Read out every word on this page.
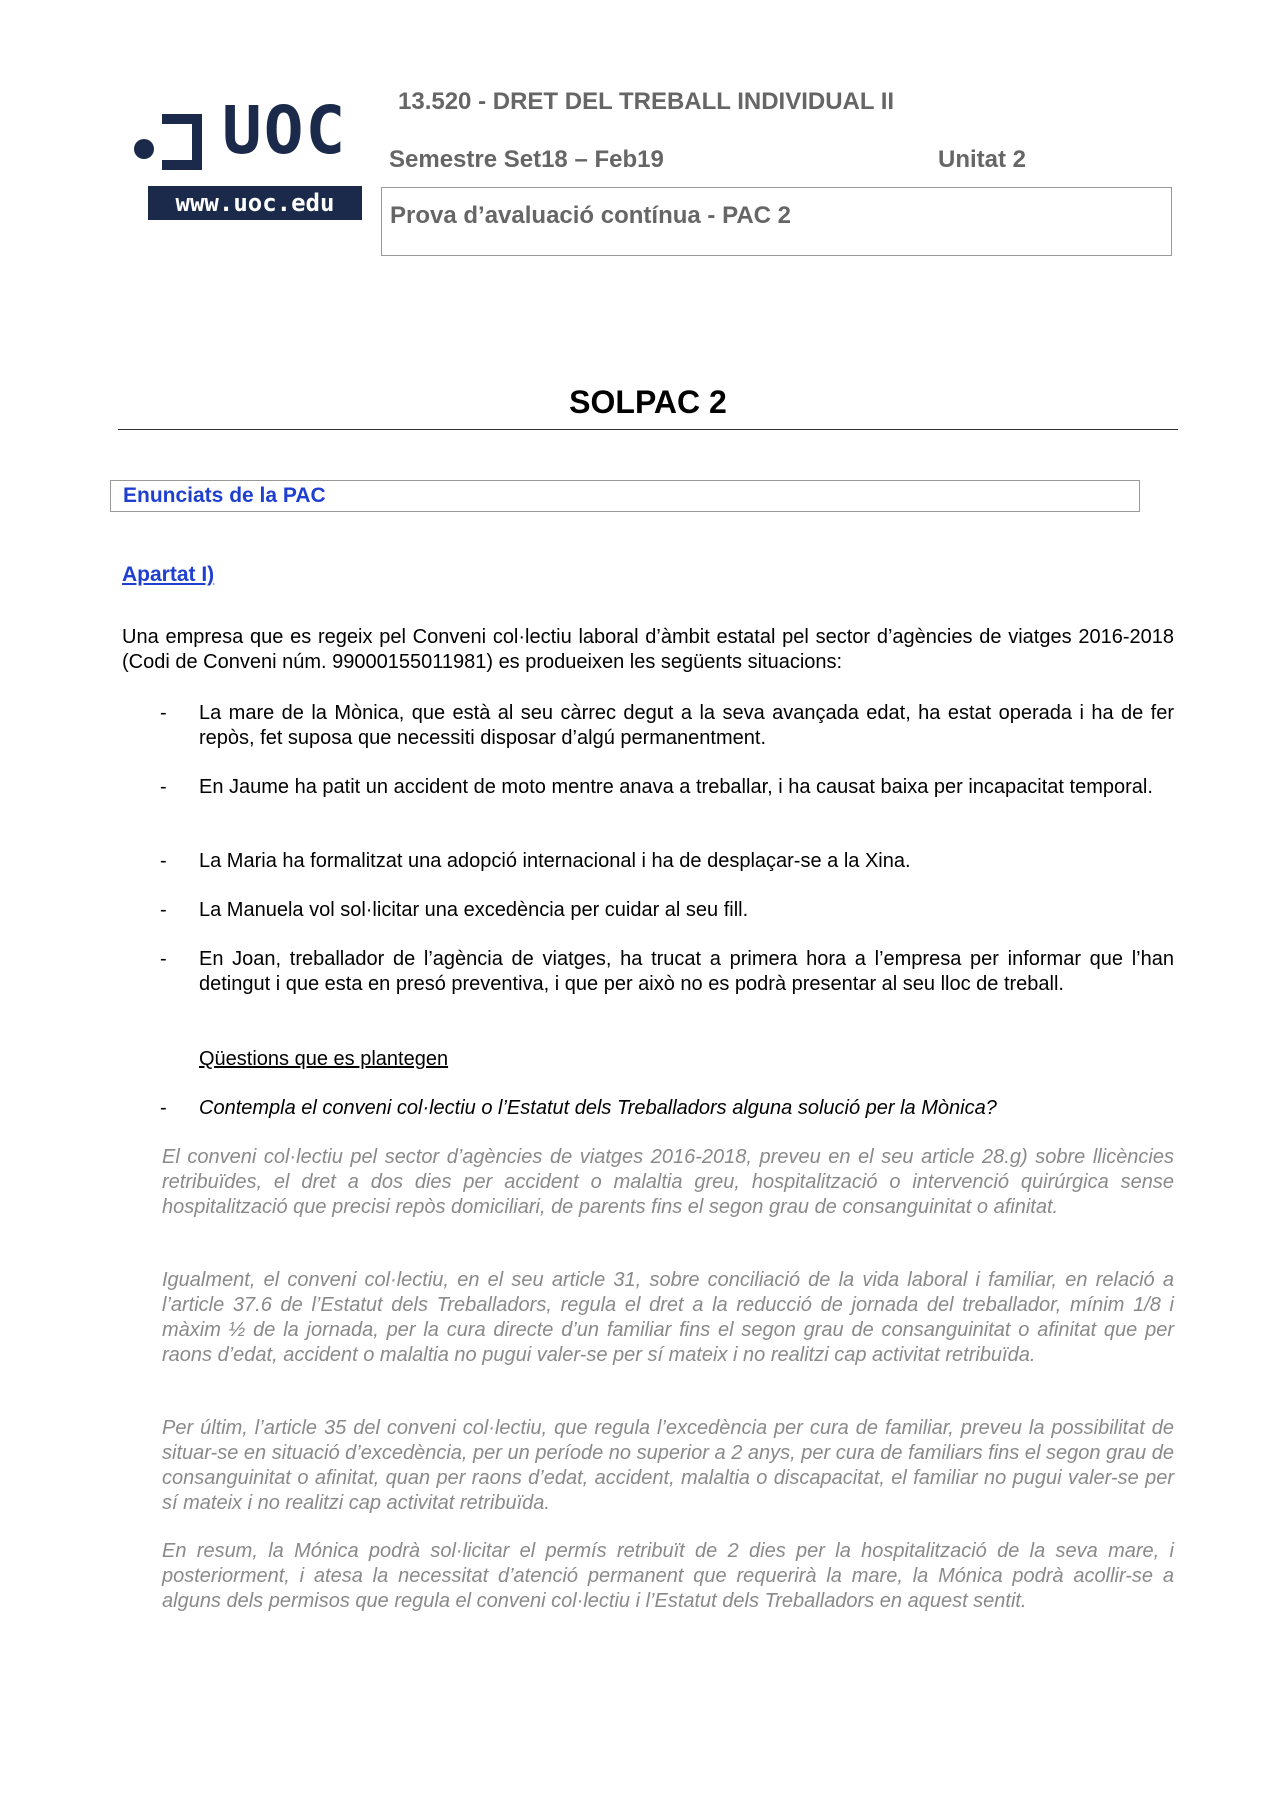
UOC
www.uoc.edu
13.520 - DRET DEL TREBALL INDIVIDUAL II
Semestre Set18 – Feb19	Unitat 2
Prova d’avaluació contínua - PAC 2
SOLPAC 2
Enunciats de la PAC
Apartat I)

Una empresa que es regeix pel Conveni col·lectiu laboral d’àmbit estatal pel sector d’agències de viatges 2016-2018 (Codi de Conveni núm. 99000155011981) es produeixen les següents situacions:

- La mare de la Mònica, que està al seu càrrec degut a la seva avançada edat, ha estat operada i ha de fer repòs, fet suposa que necessiti disposar d’algú permanentment.

- En Jaume ha patit un accident de moto mentre anava a treballar, i ha causat baixa per incapacitat temporal.

- La Maria ha formalitzat una adopció internacional i ha de desplaçar-se a la Xina.

- La Manuela vol sol·licitar una excedència per cuidar al seu fill.

- En Joan, treballador de l’agència de viatges, ha trucat a primera hora a l’empresa per informar que l’han detingut i que esta en presó preventiva, i que per això no es podrà presentar al seu lloc de treball.

Qüestions que es plantegen
- Contempla el conveni col·lectiu o l’Estatut dels Treballadors alguna solució per la Mònica?

El conveni col·lectiu pel sector d’agències de viatges 2016-2018, preveu en el seu article 28.g) sobre llicències retribuïdes, el dret a dos dies per accident o malaltia greu, hospitalització o intervenció quirúrgica sense hospitalització que precisi repòs domiciliari, de parents fins el segon grau de consanguinitat o afinitat.

Igualment, el conveni col·lectiu, en el seu article 31, sobre conciliació de la vida laboral i familiar, en relació a l’article 37.6 de l’Estatut dels Treballadors, regula el dret a la reducció de jornada del treballador, mínim 1/8 i màxim ½ de la jornada, per la cura directe d’un familiar fins el segon grau de consanguinitat o afinitat que per raons d’edat, accident o malaltia no pugui valer-se per sí mateix i no realitzi cap activitat retribuïda.

Per últim, l’article 35 del conveni col·lectiu, que regula l’excedència per cura de familiar, preveu la possibilitat de situar-se en situació d’excedència, per un període no superior a 2 anys, per cura de familiars fins el segon grau de consanguinitat o afinitat, quan per raons d’edat, accident, malaltia o discapacitat, el familiar no pugui valer-se per sí mateix i no realitzi cap activitat retribuïda.

En resum, la Mónica podrà sol·licitar el permís retribuït de 2 dies per la hospitalització de la seva mare, i posteriorment, i atesa la necessitat d’atenció permanent que requerirà la mare, la Mónica podrà acollir-se a alguns dels permisos que regula el conveni col·lectiu i l’Estatut dels Treballadors en aquest sentit.
